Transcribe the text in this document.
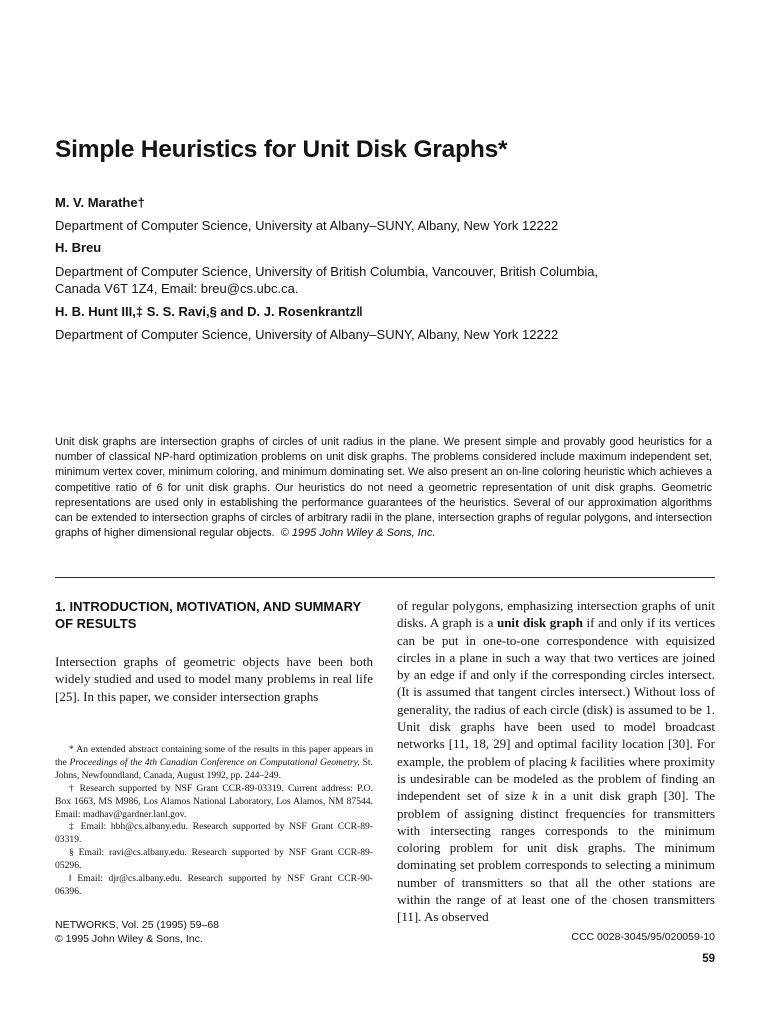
Simple Heuristics for Unit Disk Graphs*
M. V. Marathe†
Department of Computer Science, University at Albany–SUNY, Albany, New York 12222
H. Breu
Department of Computer Science, University of British Columbia, Vancouver, British Columbia, Canada V6T 1Z4, Email: breu@cs.ubc.ca.
H. B. Hunt III,‡ S. S. Ravi,§ and D. J. Rosenkrantz‖
Department of Computer Science, University of Albany–SUNY, Albany, New York 12222
Unit disk graphs are intersection graphs of circles of unit radius in the plane. We present simple and provably good heuristics for a number of classical NP-hard optimization problems on unit disk graphs. The problems considered include maximum independent set, minimum vertex cover, minimum coloring, and minimum dominating set. We also present an on-line coloring heuristic which achieves a competitive ratio of 6 for unit disk graphs. Our heuristics do not need a geometric representation of unit disk graphs. Geometric representations are used only in establishing the performance guarantees of the heuristics. Several of our approximation algorithms can be extended to intersection graphs of circles of arbitrary radii in the plane, intersection graphs of regular polygons, and intersection graphs of higher dimensional regular objects. © 1995 John Wiley & Sons, Inc.
1. INTRODUCTION, MOTIVATION, AND SUMMARY OF RESULTS
Intersection graphs of geometric objects have been both widely studied and used to model many problems in real life [25]. In this paper, we consider intersection graphs

* An extended abstract containing some of the results in this paper appears in the Proceedings of the 4th Canadian Conference on Computational Geometry, St. Johns, Newfoundland, Canada, August 1992, pp. 244–249.

† Research supported by NSF Grant CCR-89-03319. Current address: P.O. Box 1663, MS M986, Los Alamos National Laboratory, Los Alamos, NM 87544. Email: madhav@gardner.lanl.gov.

‡ Email: hbh@cs.albany.edu. Research supported by NSF Grant CCR-89-03319.

§ Email: ravi@cs.albany.edu. Research supported by NSF Grant CCR-89-05296.

‖ Email: djr@cs.albany.edu. Research supported by NSF Grant CCR-90-06396.

of regular polygons, emphasizing intersection graphs of unit disks. A graph is a unit disk graph if and only if its vertices can be put in one-to-one correspondence with equisized circles in a plane in such a way that two vertices are joined by an edge if and only if the corresponding circles intersect. (It is assumed that tangent circles intersect.) Without loss of generality, the radius of each circle (disk) is assumed to be 1. Unit disk graphs have been used to model broadcast networks [11, 18, 29] and optimal facility location [30]. For example, the problem of placing k facilities where proximity is undesirable can be modeled as the problem of finding an independent set of size k in a unit disk graph [30]. The problem of assigning distinct frequencies for transmitters with intersecting ranges corresponds to the minimum coloring problem for unit disk graphs. The minimum dominating set problem corresponds to selecting a minimum number of transmitters so that all the other stations are within the range of at least one of the chosen transmitters [11]. As observed
NETWORKS, Vol. 25 (1995) 59–68
© 1995 John Wiley & Sons, Inc.	CCC 0028-3045/95/020059-10
59
